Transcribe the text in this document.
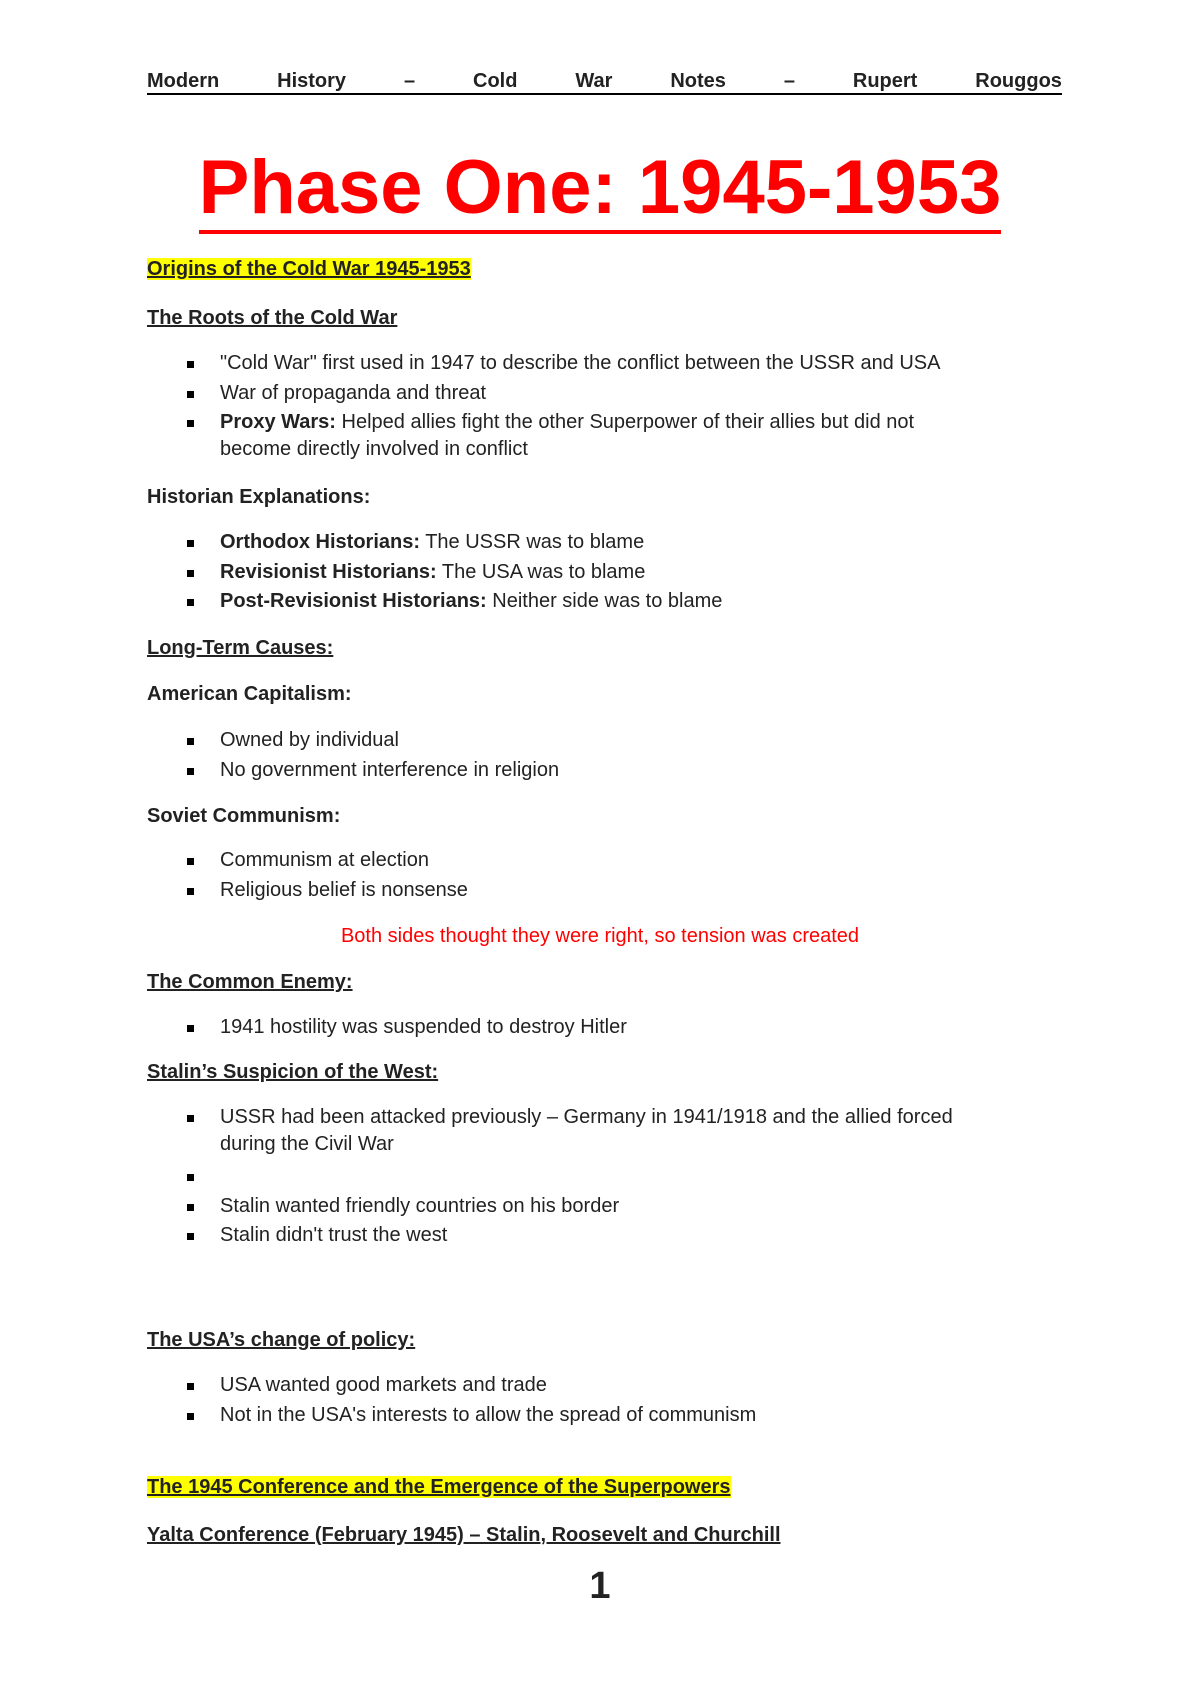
Modern	History	–	Cold	War	Notes	–	Rupert	Rouggos
Phase One: 1945-1953
Origins of the Cold War 1945-1953
The Roots of the Cold War
"Cold War" first used in 1947 to describe the conflict between the USSR and USA
War of propaganda and threat
Proxy Wars: Helped allies fight the other Superpower of their allies but did not
become directly involved in conflict
Historian Explanations:
Orthodox Historians: The USSR was to blame
Revisionist Historians: The USA was to blame
Post-Revisionist Historians: Neither side was to blame
Long-Term Causes:
American Capitalism:
Owned by individual
No government interference in religion
Soviet Communism:
Communism at election
Religious belief is nonsense
Both sides thought they were right, so tension was created
The Common Enemy:
1941 hostility was suspended to destroy Hitler
Stalin’s Suspicion of the West:
USSR had been attacked previously – Germany in 1941/1918 and the allied forced
during the Civil War

Stalin wanted friendly countries on his border
Stalin didn't trust the west
The USA’s change of policy:
USA wanted good markets and trade
Not in the USA's interests to allow the spread of communism
The 1945 Conference and the Emergence of the Superpowers
Yalta Conference (February 1945) – Stalin, Roosevelt and Churchill
1
